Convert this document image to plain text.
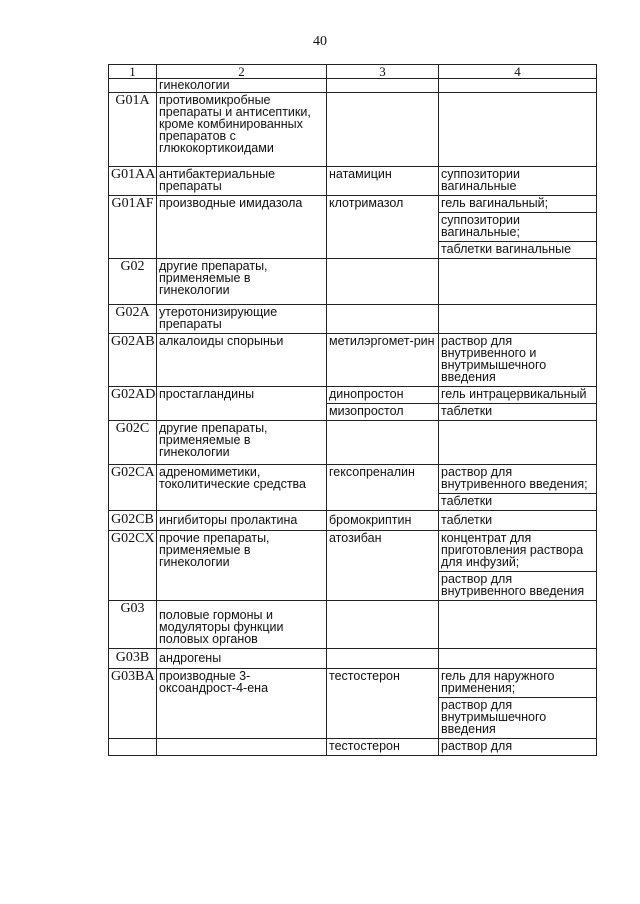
40
1	2	3	4
	гинекологии		
G01A	противомикробные препараты и антисептики, кроме комбинированных препаратов с глюкокортикоидами		
G01AA	антибактериальные препараты	натамицин	суппозитории вагинальные
G01AF	производные имидазола	клотримазол	гель вагинальный;
			суппозитории вагинальные;
			таблетки вагинальные
G02	другие препараты, применяемые в гинекологии		
G02A	утеротонизирующие препараты		
G02AB	алкалоиды спорыньи	метилэргомет-рин	раствор для внутривенного и внутримышечного введения
G02AD	простагландины	динопростон	гель интрацервикальный
		мизопростол	таблетки
G02C	другие препараты, применяемые в гинекологии		
G02CA	адреномиметики, токолитические средства	гексопреналин	раствор для внутривенного введения;
			таблетки
G02CB	ингибиторы пролактина	бромокриптин	таблетки
G02CX	прочие препараты, применяемые в гинекологии	атозибан	концентрат для приготовления раствора для инфузий;
			раствор для внутривенного введения
G03	половые гормоны и модуляторы функции половых органов		
G03B	андрогены		
G03BA	производные 3-оксоандрост-4-ена	тестостерон	гель для наружного применения;
			раствор для внутримышечного введения
		тестостерон	раствор для
